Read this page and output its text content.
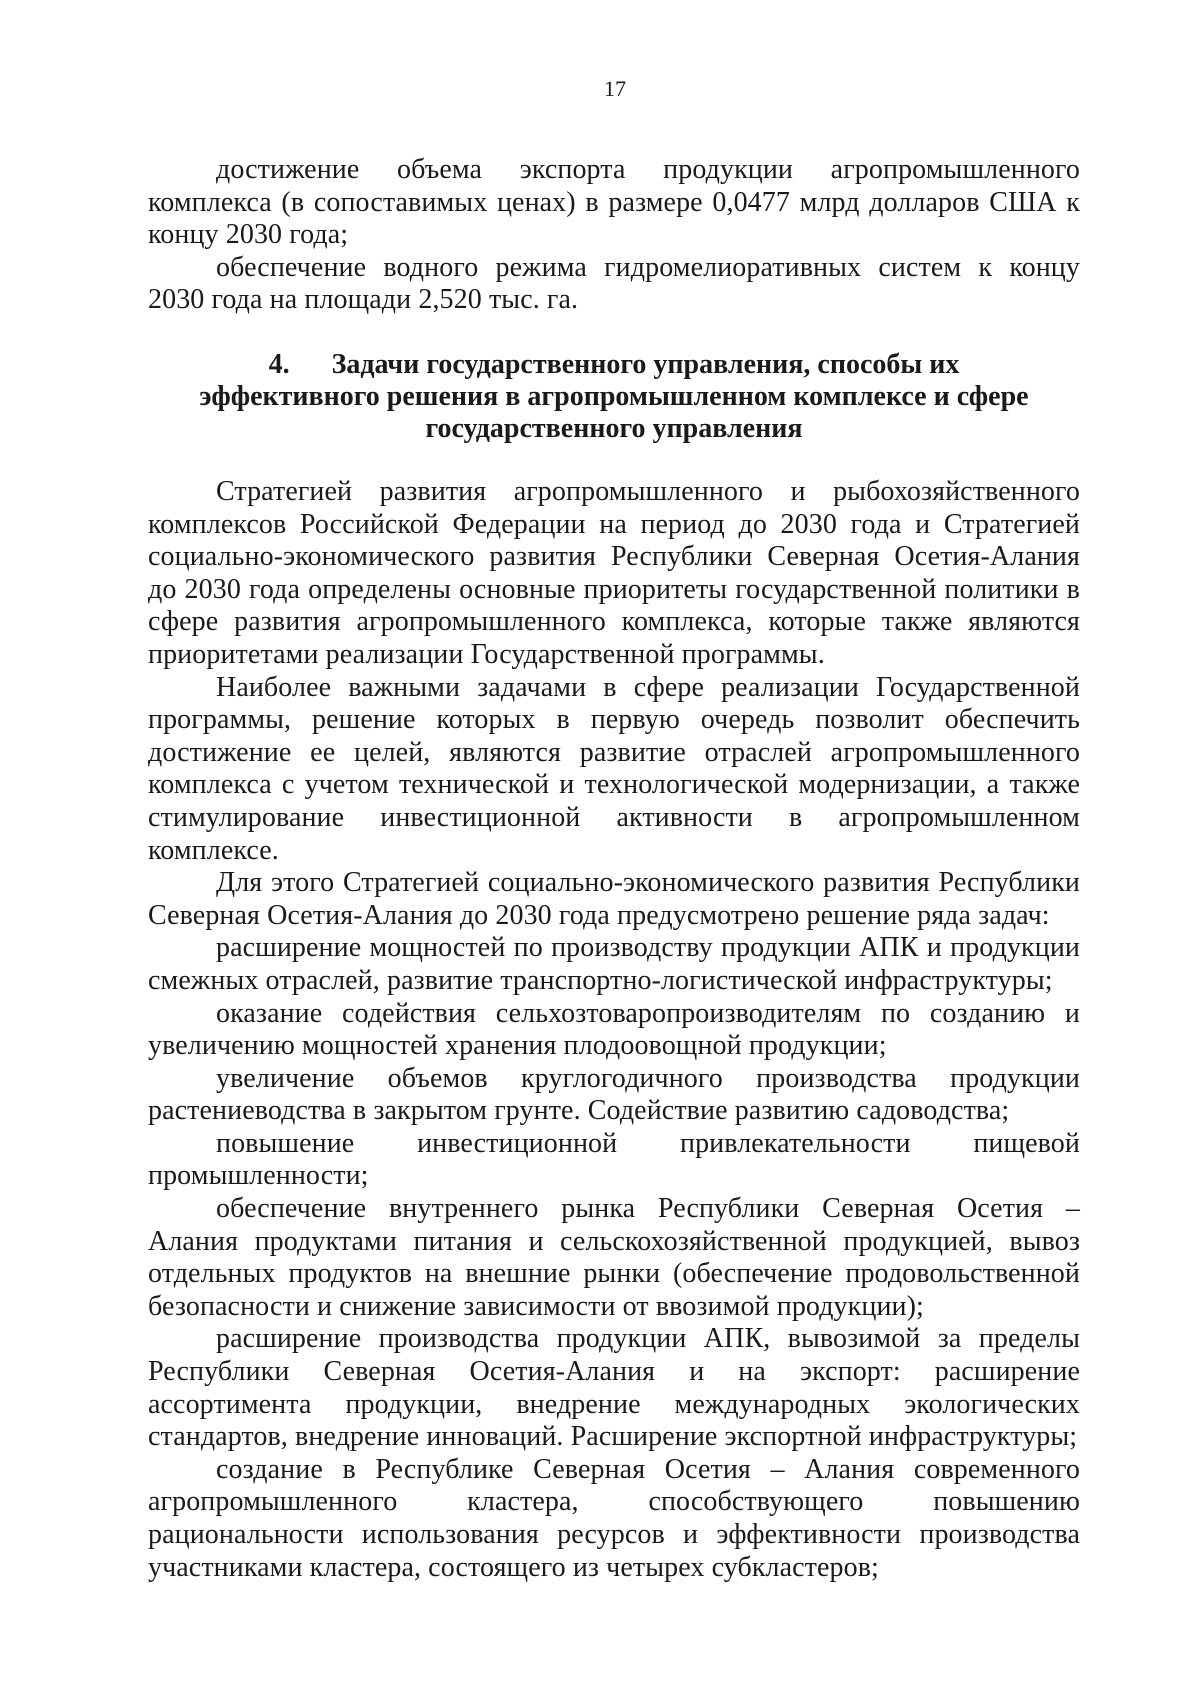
17

достижение объема экспорта продукции агропромышленного комплекса (в сопоставимых ценах) в размере 0,0477 млрд долларов США к концу 2030 года;

обеспечение водного режима гидромелиоративных систем к концу 2030 года на площади 2,520 тыс. га.

4. Задачи государственного управления, способы их
эффективного решения в агропромышленном комплексе и сфере
государственного управления

Стратегией развития агропромышленного и рыбохозяйственного комплексов Российской Федерации на период до 2030 года и Стратегией социально-экономического развития Республики Северная Осетия-Алания до 2030 года определены основные приоритеты государственной политики в сфере развития агропромышленного комплекса, которые также являются приоритетами реализации Государственной программы.

Наиболее важными задачами в сфере реализации Государственной программы, решение которых в первую очередь позволит обеспечить достижение ее целей, являются развитие отраслей агропромышленного комплекса с учетом технической и технологической модернизации, а также стимулирование инвестиционной активности в агропромышленном комплексе.

Для этого Стратегией социально-экономического развития Республики Северная Осетия-Алания до 2030 года предусмотрено решение ряда задач:

расширение мощностей по производству продукции АПК и продукции смежных отраслей, развитие транспортно-логистической инфраструктуры;

оказание содействия сельхозтоваропроизводителям по созданию и увеличению мощностей хранения плодоовощной продукции;

увеличение объемов круглогодичного производства продукции растениеводства в закрытом грунте. Содействие развитию садоводства;

повышение инвестиционной привлекательности пищевой промышленности;

обеспечение внутреннего рынка Республики Северная Осетия – Алания продуктами питания и сельскохозяйственной продукцией, вывоз отдельных продуктов на внешние рынки (обеспечение продовольственной безопасности и снижение зависимости от ввозимой продукции);

расширение производства продукции АПК, вывозимой за пределы Республики Северная Осетия-Алания и на экспорт: расширение ассортимента продукции, внедрение международных экологических стандартов, внедрение инноваций. Расширение экспортной инфраструктуры;

создание в Республике Северная Осетия – Алания современного агропромышленного кластера, способствующего повышению рациональности использования ресурсов и эффективности производства участниками кластера, состоящего из четырех субкластеров;
